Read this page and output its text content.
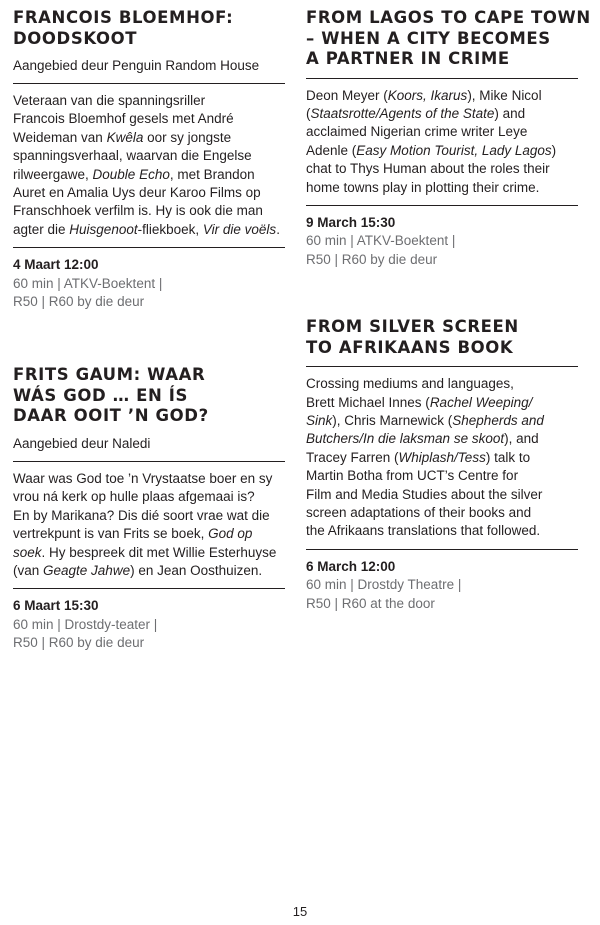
FRANCOIS BLOEMHOF:
DOODSKOOT
Aangebied deur Penguin Random House

Veteraan van die spanningsriller
Francois Bloemhof gesels met André
Weideman van Kwêla oor sy jongste
spanningsverhaal, waarvan die Engelse
rilweergawe, Double Echo, met Brandon
Auret en Amalia Uys deur Karoo Films op
Franschhoek verfilm is. Hy is ook die man
agter die Huisgenoot-fliekboek, Vir die voëls.

4 Maart 12:00
60 min | ATKV-Boektent |
R50 | R60 by die deur
FRITS GAUM: WAAR
WÁS GOD … EN ÍS
DAAR OOIT ’N GOD?
Aangebied deur Naledi

Waar was God toe ’n Vrystaatse boer en sy
vrou ná kerk op hulle plaas afgemaai is?
En by Marikana? Dis dié soort vrae wat die
vertrekpunt is van Frits se boek, God op
soek. Hy bespreek dit met Willie Esterhuyse
(van Geagte Jahwe) en Jean Oosthuizen.

6 Maart 15:30
60 min | Drostdy-teater |
R50 | R60 by die deur
FROM LAGOS TO CAPE TOWN
– WHEN A CITY BECOMES
A PARTNER IN CRIME

Deon Meyer (Koors, Ikarus), Mike Nicol
(Staatsrotte/Agents of the State) and
acclaimed Nigerian crime writer Leye
Adenle (Easy Motion Tourist, Lady Lagos)
chat to Thys Human about the roles their
home towns play in plotting their crime.

9 March 15:30
60 min | ATKV-Boektent |
R50 | R60 by die deur
FROM SILVER SCREEN
TO AFRIKAANS BOOK

Crossing mediums and languages,
Brett Michael Innes (Rachel Weeping/
Sink), Chris Marnewick (Shepherds and
Butchers/In die laksman se skoot), and
Tracey Farren (Whiplash/Tess) talk to
Martin Botha from UCT’s Centre for
Film and Media Studies about the silver
screen adaptations of their books and
the Afrikaans translations that followed.

6 March 12:00
60 min | Drostdy Theatre |
R50 | R60 at the door
15
